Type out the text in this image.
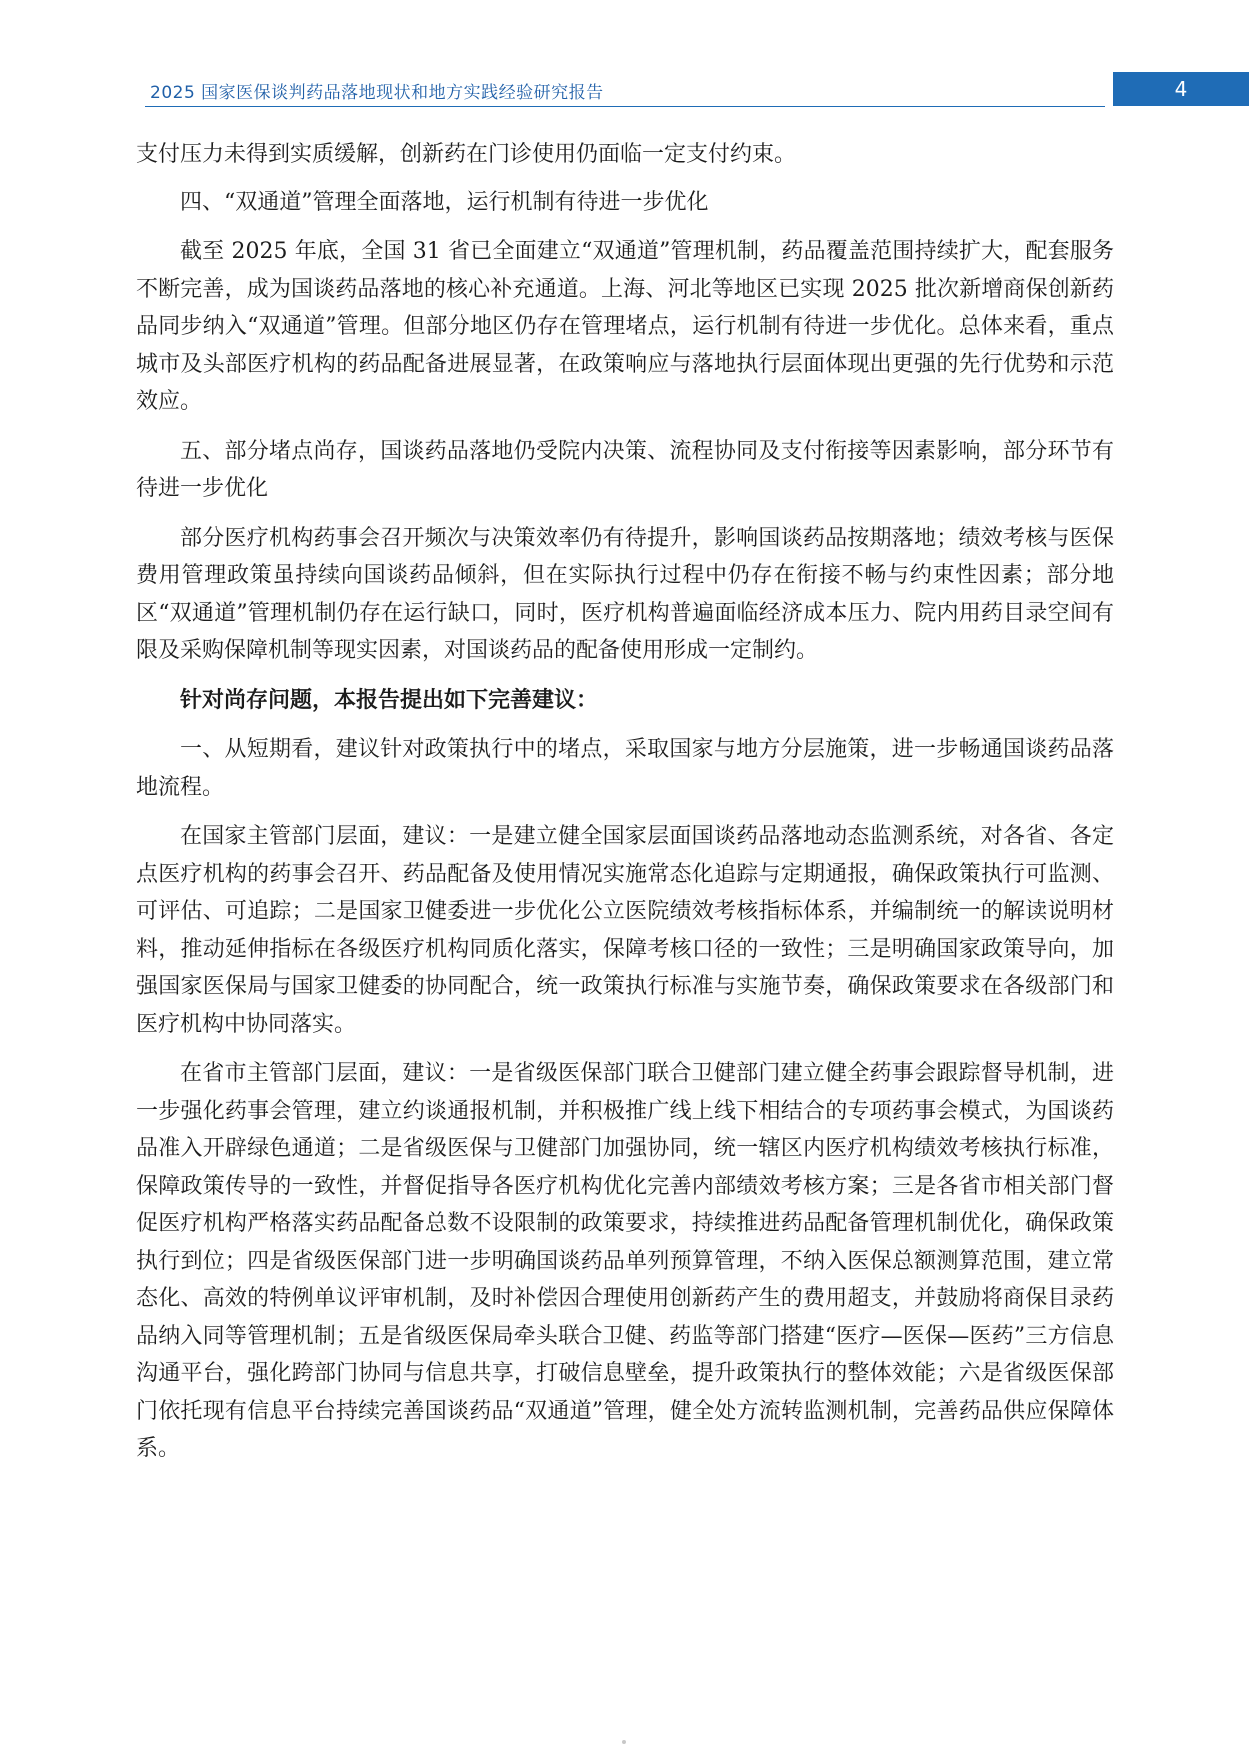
2025 国家医保谈判药品落地现状和地方实践经验研究报告	4

支付压力未得到实质缓解，创新药在门诊使用仍面临一定支付约束。

四、“双通道”管理全面落地，运行机制有待进一步优化

截至 2025 年底，全国 31 省已全面建立“双通道”管理机制，药品覆盖范围持续扩大，配套服务不断完善，成为国谈药品落地的核心补充通道。上海、河北等地区已实现 2025 批次新增商保创新药品同步纳入“双通道”管理。但部分地区仍存在管理堵点，运行机制有待进一步优化。总体来看，重点城市及头部医疗机构的药品配备进展显著，在政策响应与落地执行层面体现出更强的先行优势和示范效应。

五、部分堵点尚存，国谈药品落地仍受院内决策、流程协同及支付衔接等因素影响，部分环节有待进一步优化

部分医疗机构药事会召开频次与决策效率仍有待提升，影响国谈药品按期落地；绩效考核与医保费用管理政策虽持续向国谈药品倾斜，但在实际执行过程中仍存在衔接不畅与约束性因素；部分地区“双通道”管理机制仍存在运行缺口，同时，医疗机构普遍面临经济成本压力、院内用药目录空间有限及采购保障机制等现实因素，对国谈药品的配备使用形成一定制约。

针对尚存问题，本报告提出如下完善建议：

一、从短期看，建议针对政策执行中的堵点，采取国家与地方分层施策，进一步畅通国谈药品落地流程。

在国家主管部门层面，建议：一是建立健全国家层面国谈药品落地动态监测系统，对各省、各定点医疗机构的药事会召开、药品配备及使用情况实施常态化追踪与定期通报，确保政策执行可监测、可评估、可追踪；二是国家卫健委进一步优化公立医院绩效考核指标体系，并编制统一的解读说明材料，推动延伸指标在各级医疗机构同质化落实，保障考核口径的一致性；三是明确国家政策导向，加强国家医保局与国家卫健委的协同配合，统一政策执行标准与实施节奏，确保政策要求在各级部门和医疗机构中协同落实。

在省市主管部门层面，建议：一是省级医保部门联合卫健部门建立健全药事会跟踪督导机制，进一步强化药事会管理，建立约谈通报机制，并积极推广线上线下相结合的专项药事会模式，为国谈药品准入开辟绿色通道；二是省级医保与卫健部门加强协同，统一辖区内医疗机构绩效考核执行标准，保障政策传导的一致性，并督促指导各医疗机构优化完善内部绩效考核方案；三是各省市相关部门督促医疗机构严格落实药品配备总数不设限制的政策要求，持续推进药品配备管理机制优化，确保政策执行到位；四是省级医保部门进一步明确国谈药品单列预算管理，不纳入医保总额测算范围，建立常态化、高效的特例单议评审机制，及时补偿因合理使用创新药产生的费用超支，并鼓励将商保目录药品纳入同等管理机制；五是省级医保局牵头联合卫健、药监等部门搭建“医疗—医保—医药”三方信息沟通平台，强化跨部门协同与信息共享，打破信息壁垒，提升政策执行的整体效能；六是省级医保部门依托现有信息平台持续完善国谈药品“双通道”管理，健全处方流转监测机制，完善药品供应保障体系。
